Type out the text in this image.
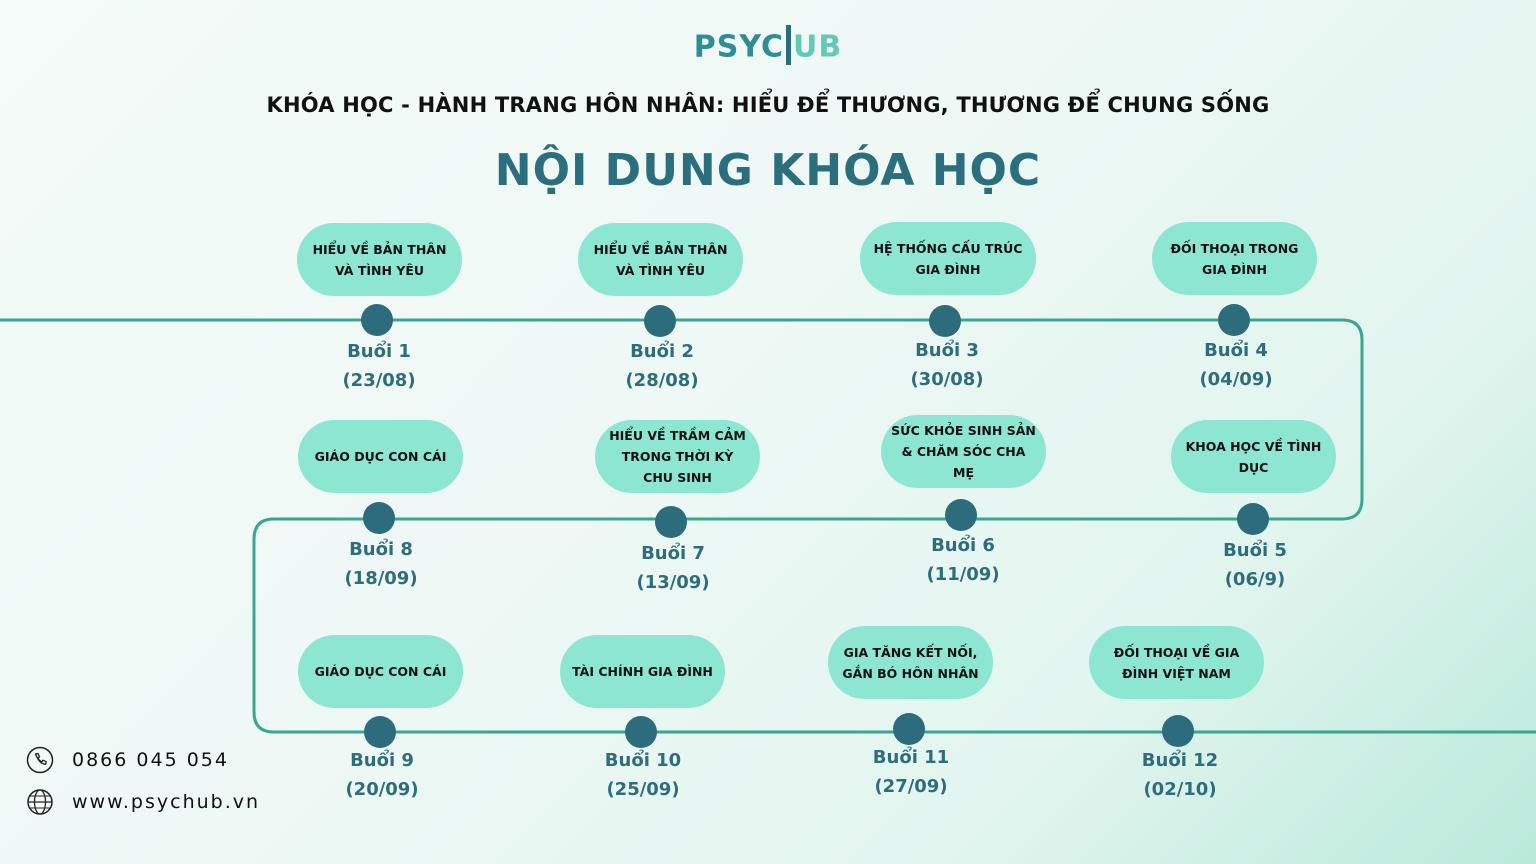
PSYC UB
KHÓA HỌC - HÀNH TRANG HÔN NHÂN: HIỂU ĐỂ THƯƠNG, THƯƠNG ĐỂ CHUNG SỐNG
NỘI DUNG KHÓA HỌC
HIỂU VỀ BẢN THÂN VÀ TÌNH YÊU
Buổi 1
(23/08)
HIỂU VỀ BẢN THÂN VÀ TÌNH YÊU
Buổi 2
(28/08)
HỆ THỐNG CẤU TRÚC GIA ĐÌNH
Buổi 3
(30/08)
ĐỐI THOẠI TRONG GIA ĐÌNH
Buổi 4
(04/09)
KHOA HỌC VỀ TÌNH DỤC
Buổi 5
(06/9)
SỨC KHỎE SINH SẢN & CHĂM SÓC CHA MẸ
Buổi 6
(11/09)
HIỂU VỀ TRẦM CẢM TRONG THỜI KỲ CHU SINH
Buổi 7
(13/09)
GIÁO DỤC CON CÁI
Buổi 8
(18/09)
GIÁO DỤC CON CÁI
Buổi 9
(20/09)
TÀI CHÍNH GIA ĐÌNH
Buổi 10
(25/09)
GIA TĂNG KẾT NỐI, GẮN BÓ HÔN NHÂN
Buổi 11
(27/09)
ĐỐI THOẠI VỀ GIA ĐÌNH VIỆT NAM
Buổi 12
(02/10)
0866 045 054
www.psychub.vn
